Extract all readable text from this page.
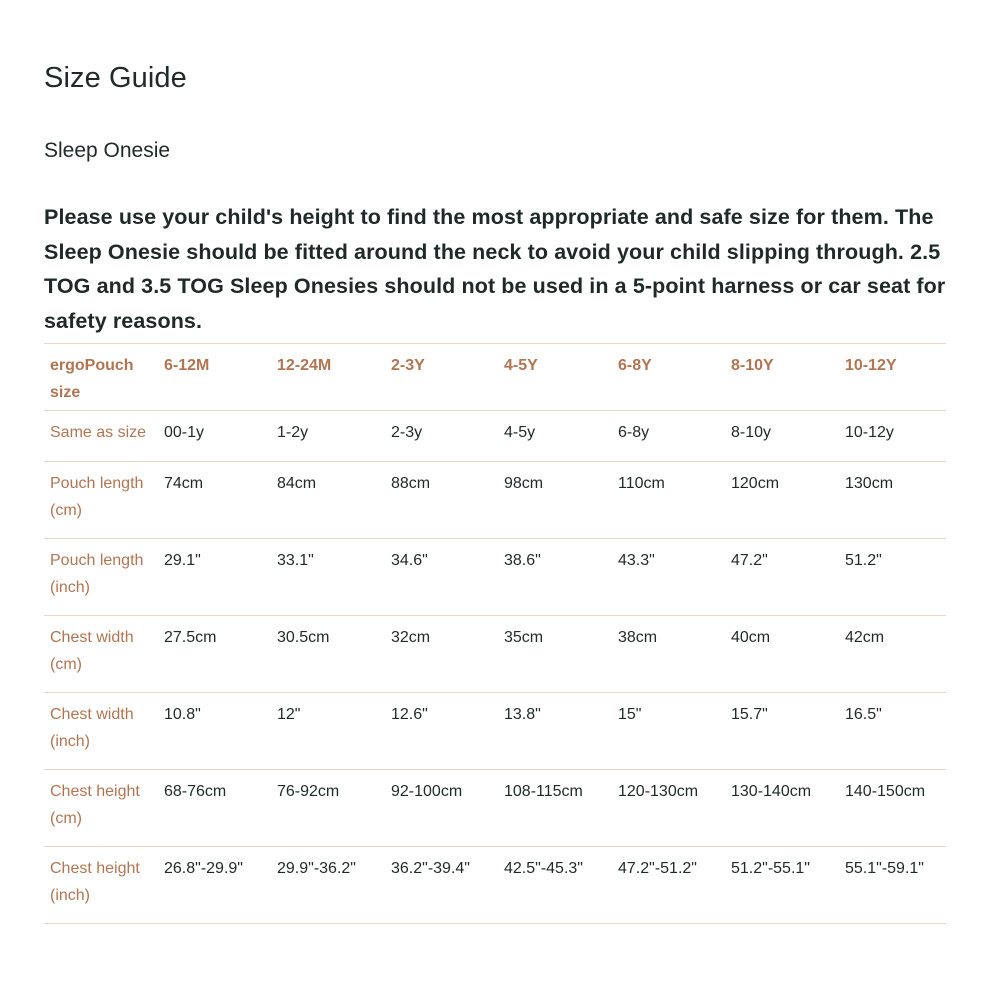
Size Guide
Sleep Onesie

Please use your child's height to find the most appropriate and safe size for them. The Sleep Onesie should be fitted around the neck to avoid your child slipping through. 2.5 TOG and 3.5 TOG Sleep Onesies should not be used in a 5-point harness or car seat for safety reasons.

ergoPouch size	6-12M	12-24M	2-3Y	4-5Y	6-8Y	8-10Y	10-12Y
Same as size	00-1y	1-2y	2-3y	4-5y	6-8y	8-10y	10-12y
Pouch length (cm)	74cm	84cm	88cm	98cm	110cm	120cm	130cm
Pouch length (inch)	29.1"	33.1"	34.6"	38.6"	43.3"	47.2"	51.2"
Chest width (cm)	27.5cm	30.5cm	32cm	35cm	38cm	40cm	42cm
Chest width (inch)	10.8"	12"	12.6"	13.8"	15"	15.7"	16.5"
Chest height (cm)	68-76cm	76-92cm	92-100cm	108-115cm	120-130cm	130-140cm	140-150cm
Chest height (inch)	26.8"-29.9"	29.9"-36.2"	36.2"-39.4"	42.5"-45.3"	47.2"-51.2"	51.2"-55.1"	55.1"-59.1"
